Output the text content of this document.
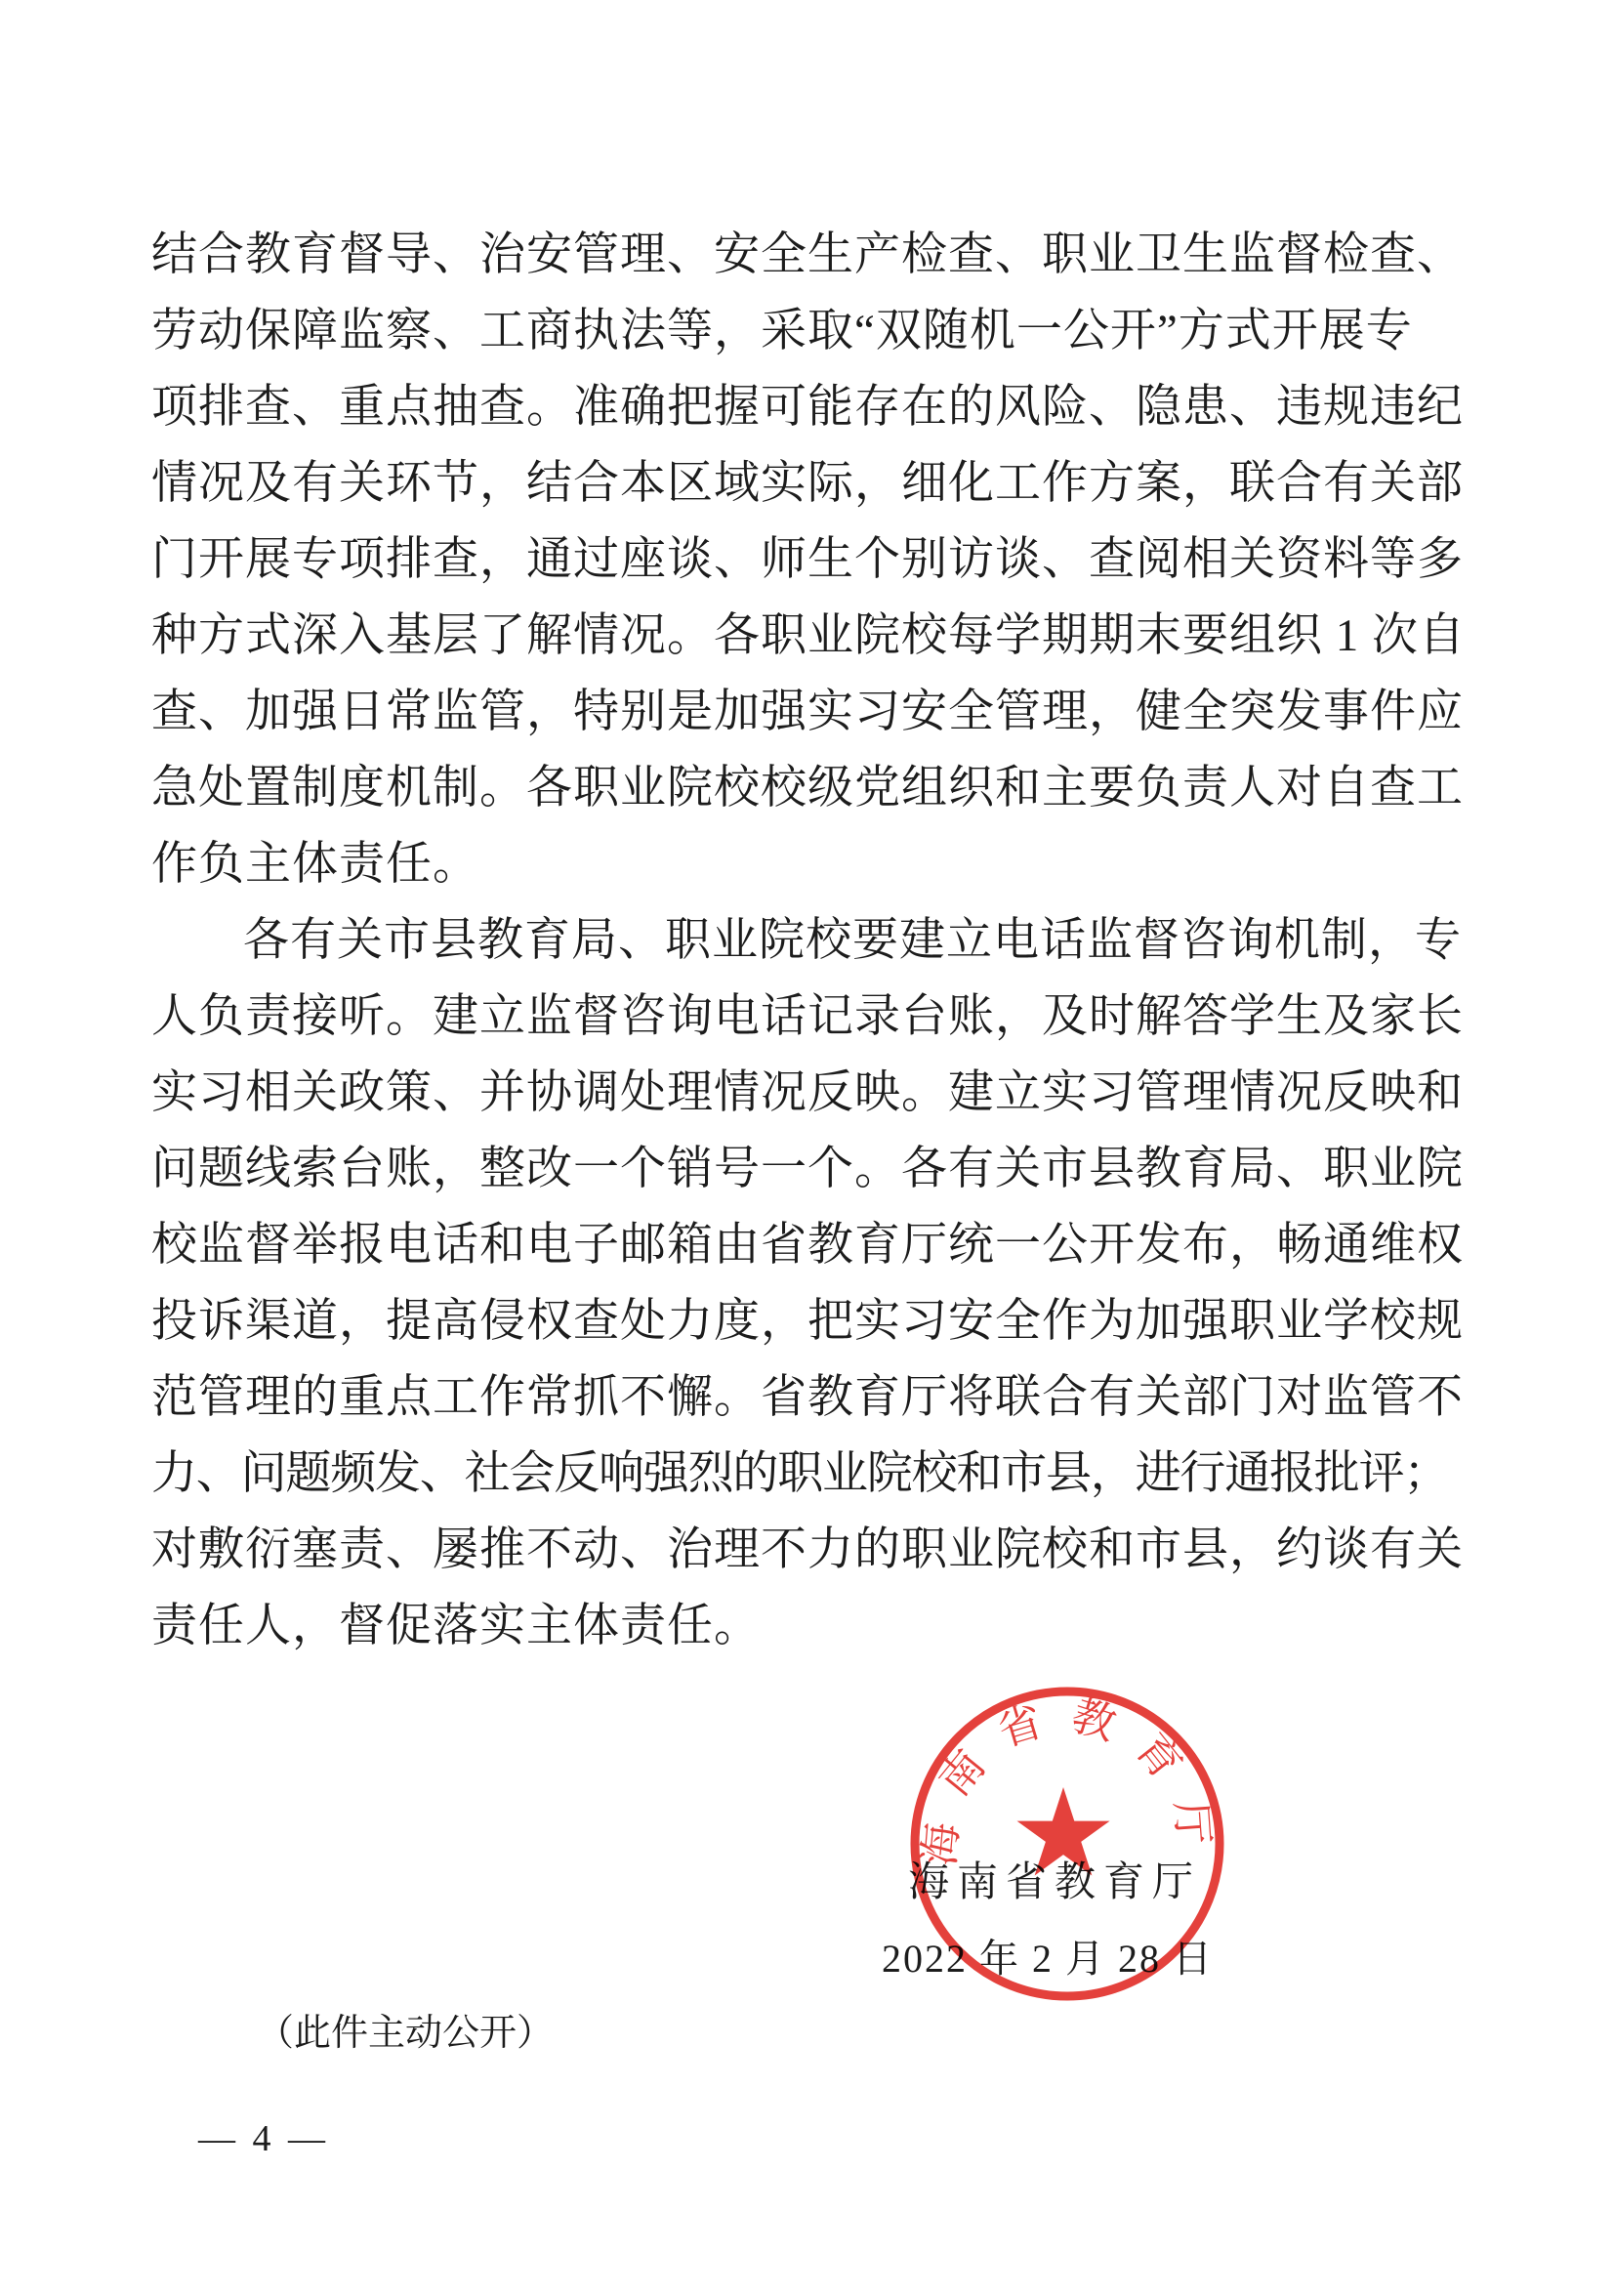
结合教育督导、治安管理、安全生产检查、职业卫生监督检查、
劳动保障监察、工商执法等，采取“双随机一公开”方式开展专
项排查、重点抽查。准确把握可能存在的风险、隐患、违规违纪
情况及有关环节，结合本区域实际，细化工作方案，联合有关部
门开展专项排查，通过座谈、师生个别访谈、查阅相关资料等多
种方式深入基层了解情况。各职业院校每学期期末要组织 1 次自
查、加强日常监管，特别是加强实习安全管理，健全突发事件应
急处置制度机制。各职业院校校级党组织和主要负责人对自查工
作负主体责任。
各有关市县教育局、职业院校要建立电话监督咨询机制，专
人负责接听。建立监督咨询电话记录台账，及时解答学生及家长
实习相关政策、并协调处理情况反映。建立实习管理情况反映和
问题线索台账，整改一个销号一个。各有关市县教育局、职业院
校监督举报电话和电子邮箱由省教育厅统一公开发布，畅通维权
投诉渠道，提高侵权查处力度，把实习安全作为加强职业学校规
范管理的重点工作常抓不懈。省教育厅将联合有关部门对监管不
力、问题频发、社会反响强烈的职业院校和市县，进行通报批评；
对敷衍塞责、屡推不动、治理不力的职业院校和市县，约谈有关
责任人，督促落实主体责任。
海南省教育厅
2022 年 2 月 28 日
海南省教育厅
（此件主动公开）
— 4 —
